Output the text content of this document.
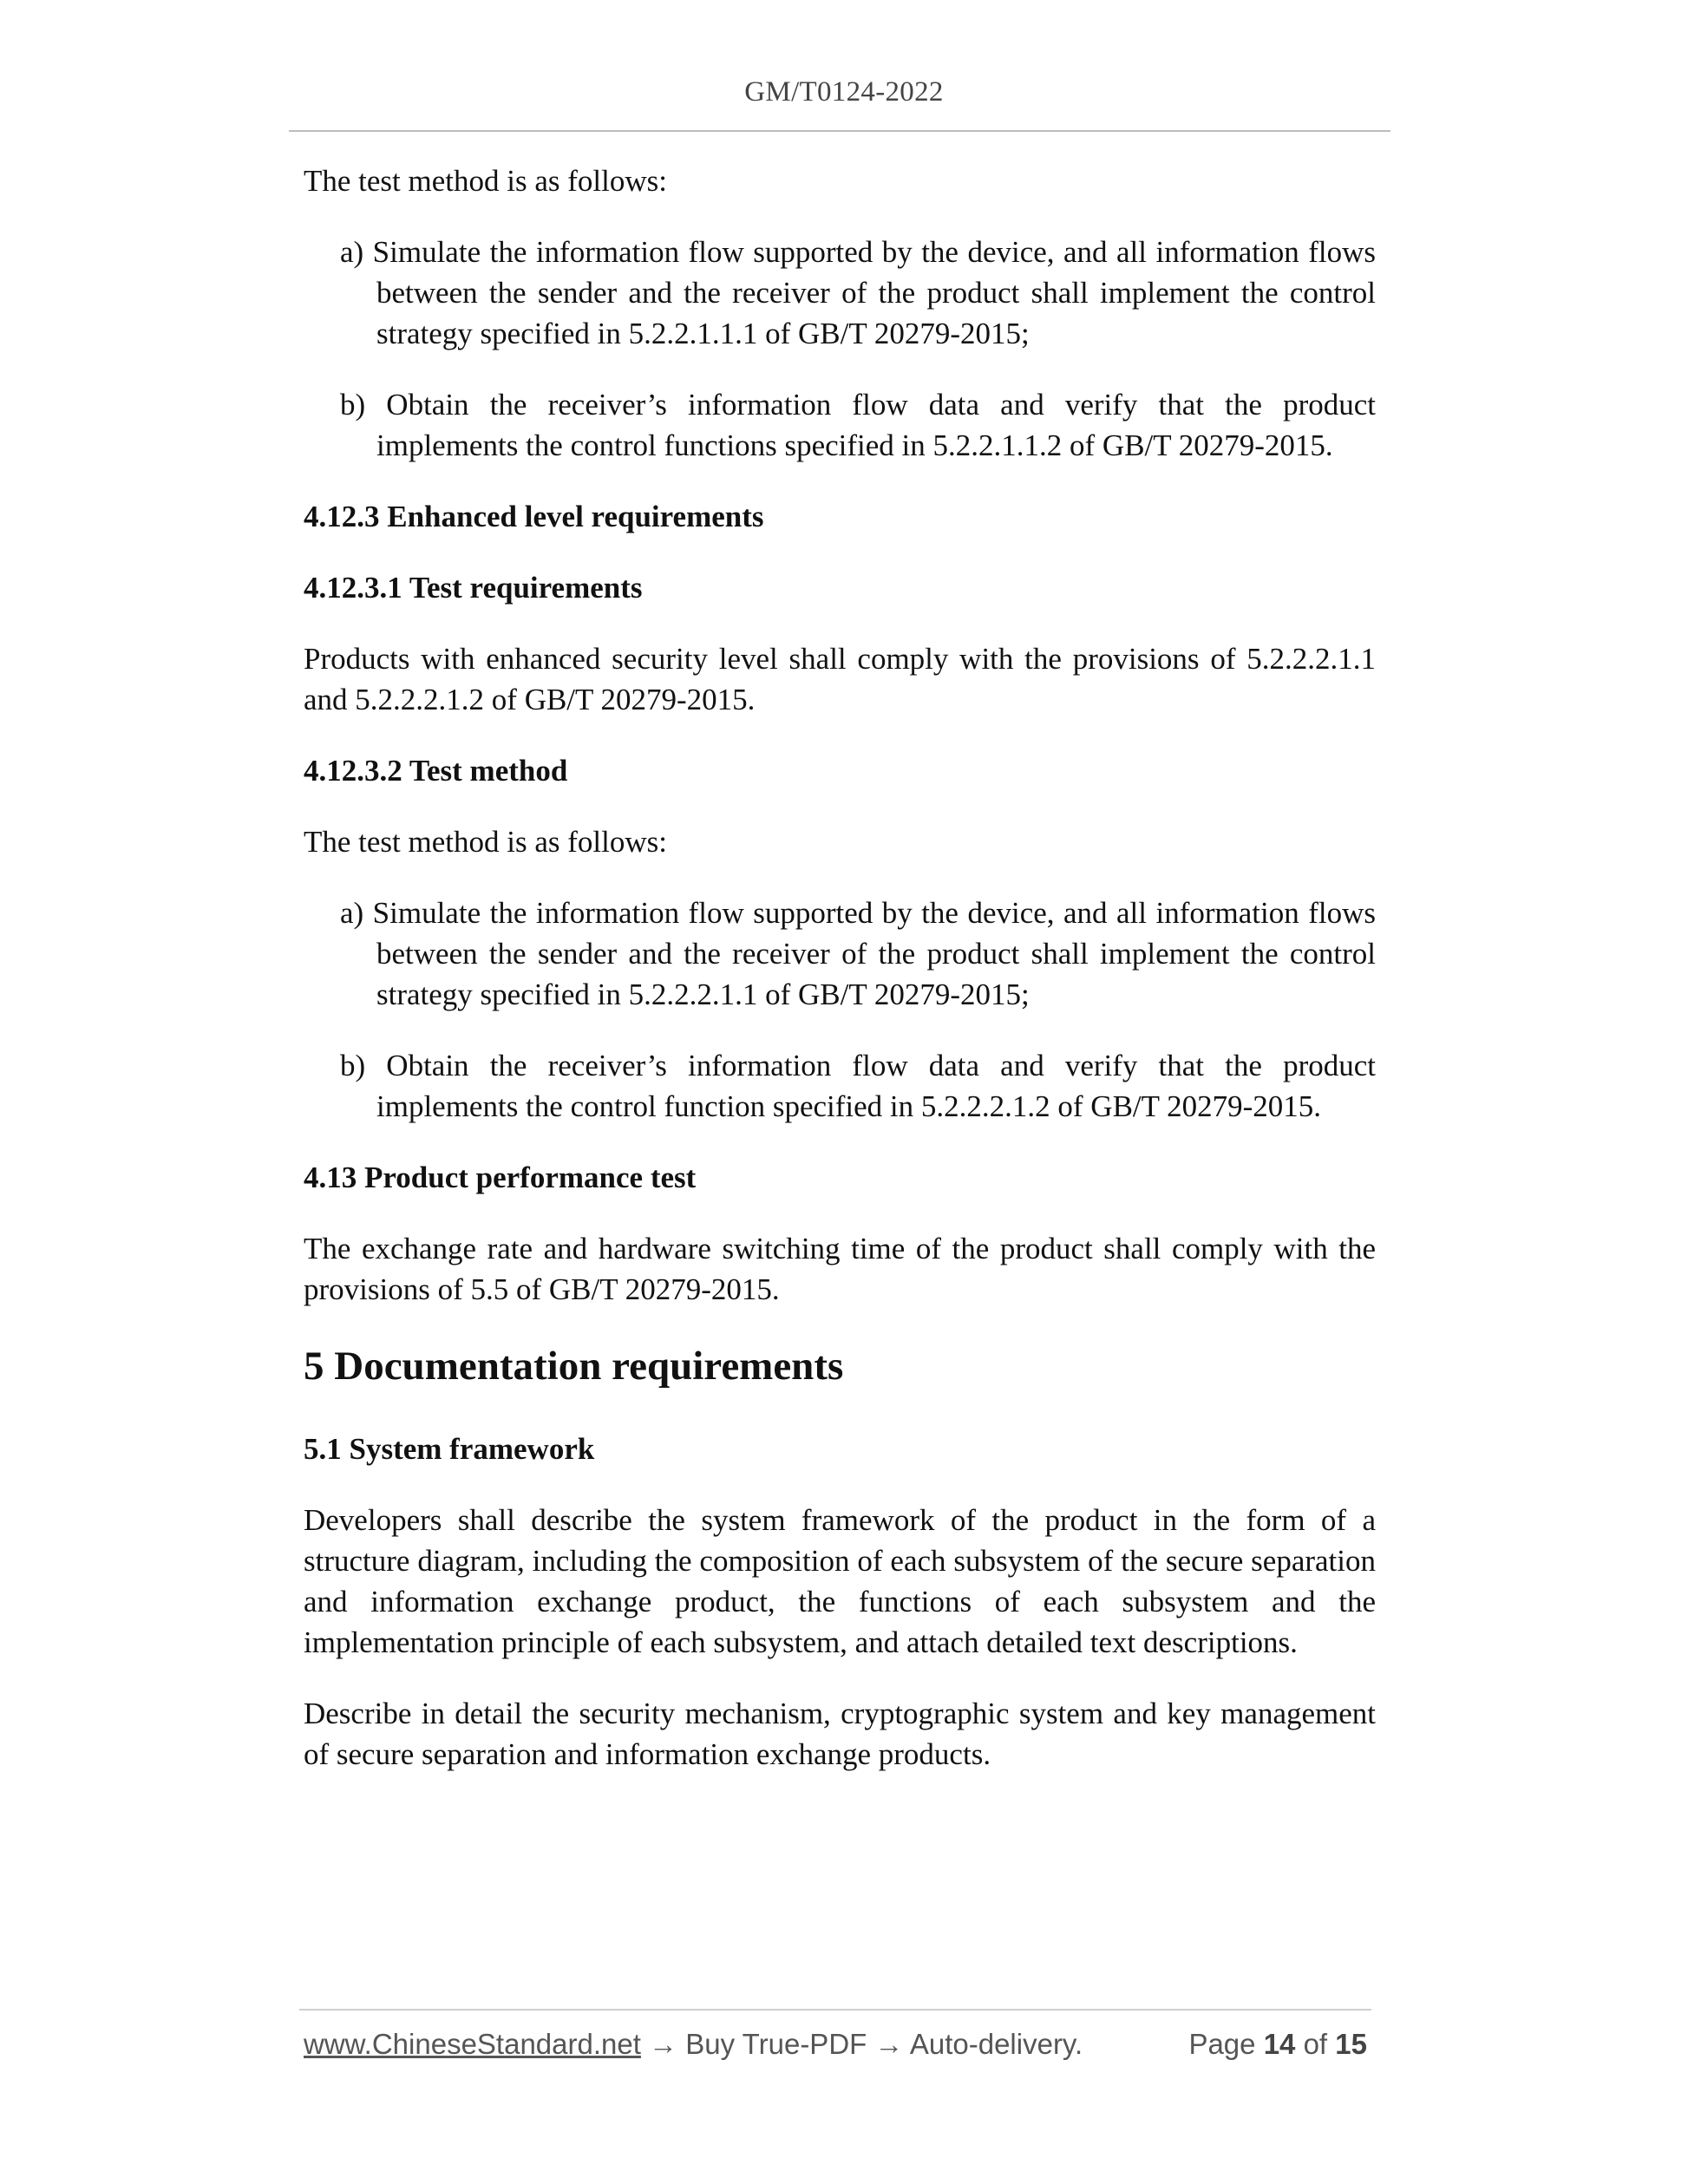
GM/T0124-2022

The test method is as follows:

a) Simulate the information flow supported by the device, and all information flows between the sender and the receiver of the product shall implement the control strategy specified in 5.2.2.1.1.1 of GB/T 20279-2015;

b) Obtain the receiver’s information flow data and verify that the product implements the control functions specified in 5.2.2.1.1.2 of GB/T 20279-2015.

4.12.3 Enhanced level requirements

4.12.3.1 Test requirements

Products with enhanced security level shall comply with the provisions of 5.2.2.2.1.1 and 5.2.2.2.1.2 of GB/T 20279-2015.

4.12.3.2 Test method

The test method is as follows:

a) Simulate the information flow supported by the device, and all information flows between the sender and the receiver of the product shall implement the control strategy specified in 5.2.2.2.1.1 of GB/T 20279-2015;

b) Obtain the receiver’s information flow data and verify that the product implements the control function specified in 5.2.2.2.1.2 of GB/T 20279-2015.

4.13 Product performance test

The exchange rate and hardware switching time of the product shall comply with the provisions of 5.5 of GB/T 20279-2015.

5 Documentation requirements

5.1 System framework

Developers shall describe the system framework of the product in the form of a structure diagram, including the composition of each subsystem of the secure separation and information exchange product, the functions of each subsystem and the implementation principle of each subsystem, and attach detailed text descriptions.

Describe in detail the security mechanism, cryptographic system and key management of secure separation and information exchange products.

www.ChineseStandard.net → Buy True-PDF → Auto-delivery.	Page 14 of 15
